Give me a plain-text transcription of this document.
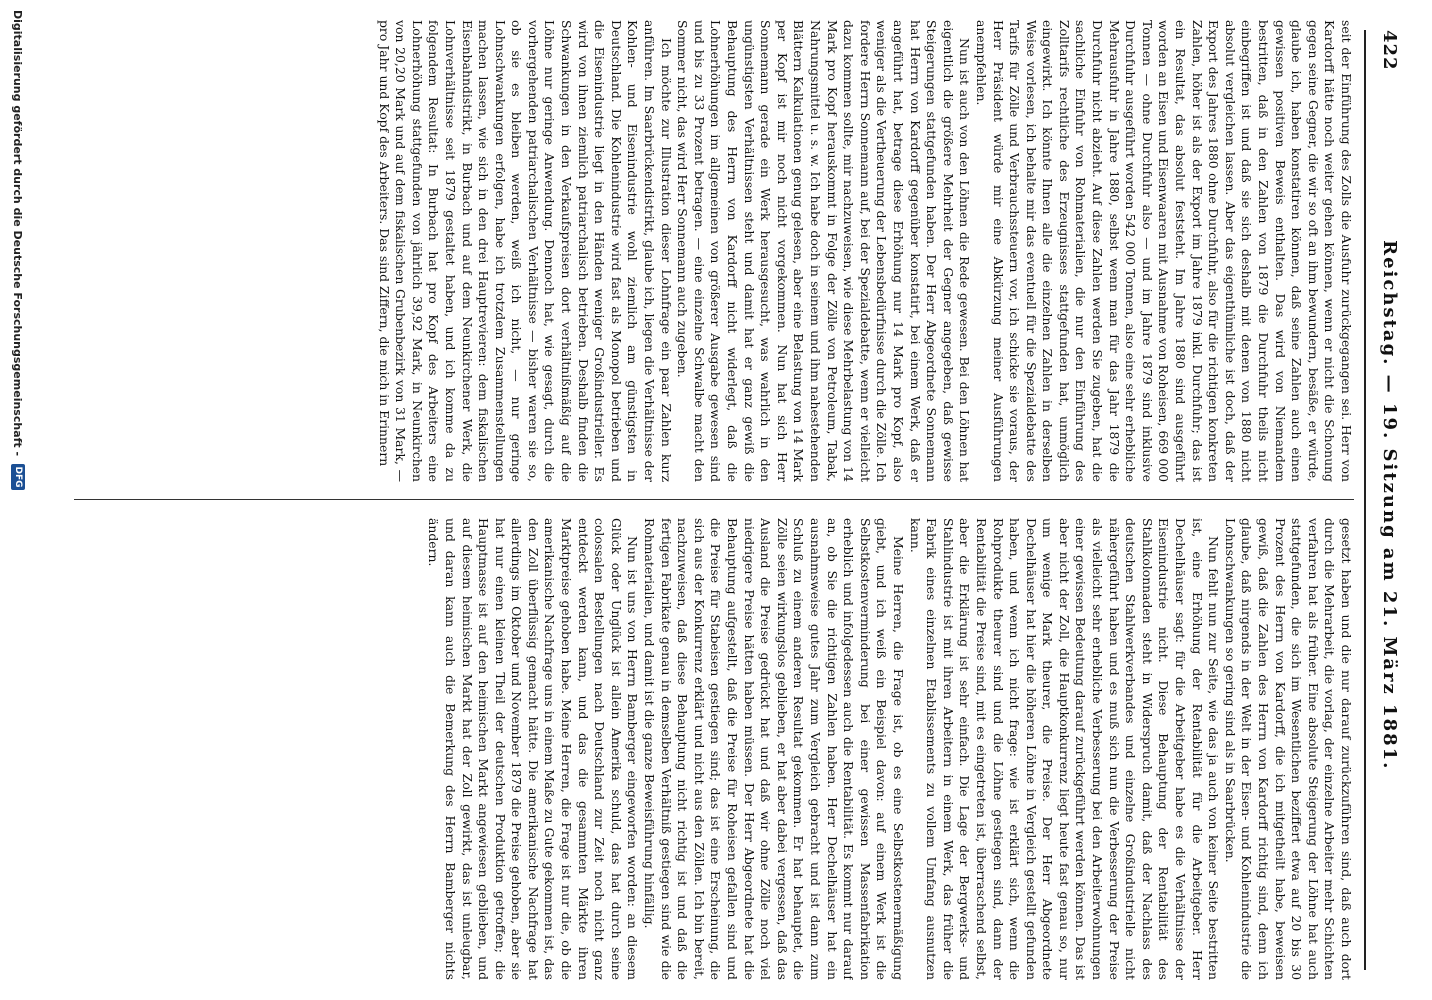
422
Reichstag. — 19. Sitzung am 21. März 1881.

seit der Einführung des Zolls die Ausfuhr zurückgegangen sei. Herr von Kardorff hätte noch weiter gehen können, wenn er nicht die Schonung gegen seine Gegner, die wir so oft an ihm bewundern, besäße, er würde, glaube ich, haben konstatiren können, daß seine Zahlen auch einen gewissen positiven Beweis enthalten. Das wird von Niemandem bestritten, daß in den Zahlen von 1879 die Durchfuhr theils nicht einbegriffen ist und daß sie sich deshalb mit denen von 1880 nicht absolut vergleichen lassen. Aber das eigenthümliche ist doch, daß der Export des Jahres 1880 ohne Durchfuhr, also für die richtigen konkreten Zahlen, höher ist als der Export im Jahre 1879 inkl. Durchfuhr; das ist ein Resultat, das absolut feststeht. Im Jahre 1880 sind ausgeführt worden an Eisen und Eisenwaaren mit Ausnahme von Roheisen, 669 000 Tonnen — ohne Durchfuhr also — und im Jahre 1879 sind inklusive Durchfuhr ausgeführt worden 542 000 Tonnen, also eine sehr erhebliche Mehrausfuhr in Jahre 1880, selbst wenn man für das Jahr 1879 die Durchfuhr nicht abzieht. Auf diese Zahlen werden Sie zugeben, hat die sachliche Einfuhr von Rohmaterialien, die nur den Einführung des Zolltarifs rechtliche des Erzeugnisses stattgefunden hat, unmöglich eingewirkt. Ich könnte Ihnen alle die einzelnen Zahlen in derselben Weise vorlesen, ich behalte mir das eventuell für die Spezialdebatte des Tarifs für Zölle und Verbrauchssteuern vor, ich schicke sie voraus, der Herr Präsident würde mir eine Abkürzung meiner Ausführungen anempfehlen.

Nun ist auch von den Löhnen die Rede gewesen. Bei den Löhnen hat eigentlich die größere Mehrheit der Gegner angegeben, daß gewisse Steigerungen stattgefunden haben. Der Herr Abgeordnete Sonnemann hat Herrn von Kardorff gegenüber konstatirt, bei einem Werk, daß er angeführt hat, betrage diese Erhöhung nur 14 Mark pro Kopf, also weniger als die Vertheuerung der Lebensbedürfnisse durch die Zölle. Ich fordere Herrn Sonnemann auf, bei der Spezialdebatte, wenn er vielleicht dazu kommen sollte, mir nachzuweisen, wie diese Mehrbelastung von 14 Mark pro Kopf herauskommt in Folge der Zölle von Petroleum, Tabak, Nahrungsmittel u. s. w. Ich habe doch in seinem und ihm nahestehenden Blättern Kalkulationen genug gelesen, aber eine Belastung von 14 Mark per Kopf ist mir noch nicht vorgekommen. Nun hat sich Herr Sonnemann gerade ein Werk herausgesucht, was wahrlich in den ungünstigsten Verhältnissen steht und damit hat er ganz gewiß die Behauptung des Herrn von Kardorff nicht widerlegt, daß die Lohnerhöhungen im allgemeinen von größerer Ausgabe gewesen sind und bis zu 33 Prozent betragen. — eine einzelne Schwalbe macht den Sommer nicht, das wird Herr Sonnemann auch zugeben.

Ich möchte zur Illustration dieser Lohnfrage ein paar Zahlen kurz anführen. Im Saarbrückendistrikt, glaube ich, liegen die Verhältnisse der Kohlen- und Eisenindustrie wohl ziemlich am günstigsten in Deutschland. Die Kohlenindustrie wird fast als Monopol betrieben und die Eisenindustrie liegt in den Händen weniger Großindustrieller. Es wird von ihnen ziemlich patriarchalisch betrieben. Deshalb finden die Schwankungen in den Verkaufspreisen dort verhältnißmäßig auf die Löhne nur geringe Anwendung. Dennoch hat, wie gesagt, durch die vorhergehenden patriarchalischen Verhältnisse — bisher waren sie so, ob sie es bleiben werden, weiß ich nicht, — nur geringe Lohnschwankungen erfolgen, habe ich trotzdem Zusammenstellungen machen lassen, wie sich in den drei Hauptrevieren: dem fiskalischen Eisenbahndistrikt, in Burbach und auf dem Neunkirchener Werk, die Lohnverhältnisse seit 1879 gestaltet haben, und ich komme da zu folgendem Resultat: In Burbach hat pro Kopf des Arbeiters eine Lohnerhöhung stattgefunden von jährlich 39,92 Mark, in Neunkirchen von 20,20 Mark und auf dem fiskalischen Grubenbezirk von 31 Mark, — pro Jahr und Kopf des Arbeiters. Das sind Ziffern, die mich in Erinnern

gesetzt haben und die nur darauf zurückzuführen sind, daß auch dort durch die Mehrarbeit, die vorlag, der einzelne Arbeiter mehr Schichten verfahren hat als früher. Eine absolute Steigerung der Löhne hat auch stattgefunden, die sich im Wesentlichen beziffert etwa auf 20 bis 30 Prozent des Herrn von Kardorff, die ich mitgetheilt habe, beweisen gewiß, daß die Zahlen des Herrn von Kardorff richtig sind, denn ich glaube, daß nirgends in der Welt in der Eisen- und Kohlenindustrie die Lohnschwankungen so gering sind als in Saarbrücken.

Nun fehlt nun zur Seite, wie das ja auch von keiner Seite bestritten ist, eine Erhöhung der Rentabilität für die Arbeitgeber. Herr Dechelhäuser sagt: für die Arbeitgeber habe es die Verhältnisse der Eisenindustrie nicht. Diese Behauptung der Rentabilität des Stahlkolonnaden steht in Widerspruch damit, daß der Nachlass des deutschen Stahlwerkverbandes und einzelne Großindustrielle nicht nähergeführt haben und es muß sich nun die Verbesserung der Preise als vielleicht sehr erhebliche Verbesserung bei den Arbeiterwohnungen einer gewissen Bedeutung darauf zurückgeführt werden können. Das ist aber nicht der Zoll, die Hauptkonkurrenz liegt heute fast genau so, nur um wenige Mark theurer, die Preise. Der Herr Abgeordnete Dechelhäuser hat hier die höheren Löhne in Vergleich gestellt gefunden haben, und wenn ich nicht frage: wie ist erklärt sich, wenn die Rohprodukte theurer sind und die Löhne gestiegen sind, dann der Rentabilität die Preise sind, mit es eingetreten ist, überraschend selbst, aber die Erklärung ist sehr einfach. Die Lage der Bergwerks- und Stahlindustrie ist mit ihren Arbeitern in einem Werk, das früher die Fabrik eines einzelnen Etablissements zu vollem Umfang ausnutzen kann.

Meine Herren, die Frage ist, ob es eine Selbstkostenermäßigung giebt, und ich weiß ein Beispiel davon: auf einem Werk ist die Selbstkostenverminderung bei einer gewissen Massenfabrikation erheblich und infolgedessen auch die Rentabilität. Es kommt nur darauf an, ob Sie die richtigen Zahlen haben. Herr Dechelhäuser hat ein ausnahmsweise gutes Jahr zum Vergleich gebracht und ist dann zum Schluß zu einem anderen Resultat gekommen. Er hat behauptet, die Zölle seien wirkungslos geblieben, er hat aber dabei vergessen, daß das Ausland die Preise gedrückt hat und daß wir ohne Zölle noch viel niedrigere Preise hätten haben müssen. Der Herr Abgeordnete hat die Behauptung aufgestellt, daß die Preise für Roheisen gefallen sind und die Preise für Stabeisen gestiegen sind; das ist eine Erscheinung, die sich aus der Konkurrenz erklärt und nicht aus den Zöllen. Ich bin bereit, nachzuweisen, daß diese Behauptung nicht richtig ist und daß die fertigen Fabrikate genau in demselben Verhältniß gestiegen sind wie die Rohmaterialien, und damit ist die ganze Beweisführung hinfällig.

Nun ist uns von Herrn Bamberger eingeworfen worden: an diesem Glück oder Unglück ist allein Amerika schuld, das hat durch seine colossalen Bestellungen nach Deutschland zur Zeit noch nicht ganz entdeckt werden kann, und das die gesammten Märkte ihren Marktpreise gehoben habe. Meine Herren, die Frage ist nur die, ob die amerikanische Nachfrage uns in einem Maße zu Gute gekommen ist, das den Zoll überflüssig gemacht hätte. Die amerikanische Nachfrage hat allerdings im Oktober und November 1879 die Preise gehoben, aber sie hat nur einen kleinen Theil der deutschen Produktion getroffen; die Hauptmasse ist auf den heimischen Markt angewiesen geblieben, und auf diesem heimischen Markt hat der Zoll gewirkt, das ist unleugbar, und daran kann auch die Bemerkung des Herrn Bamberger nichts ändern.

Digitalisierung gefördert durch die Deutsche Forschungsgemeinschaft -
DFG
